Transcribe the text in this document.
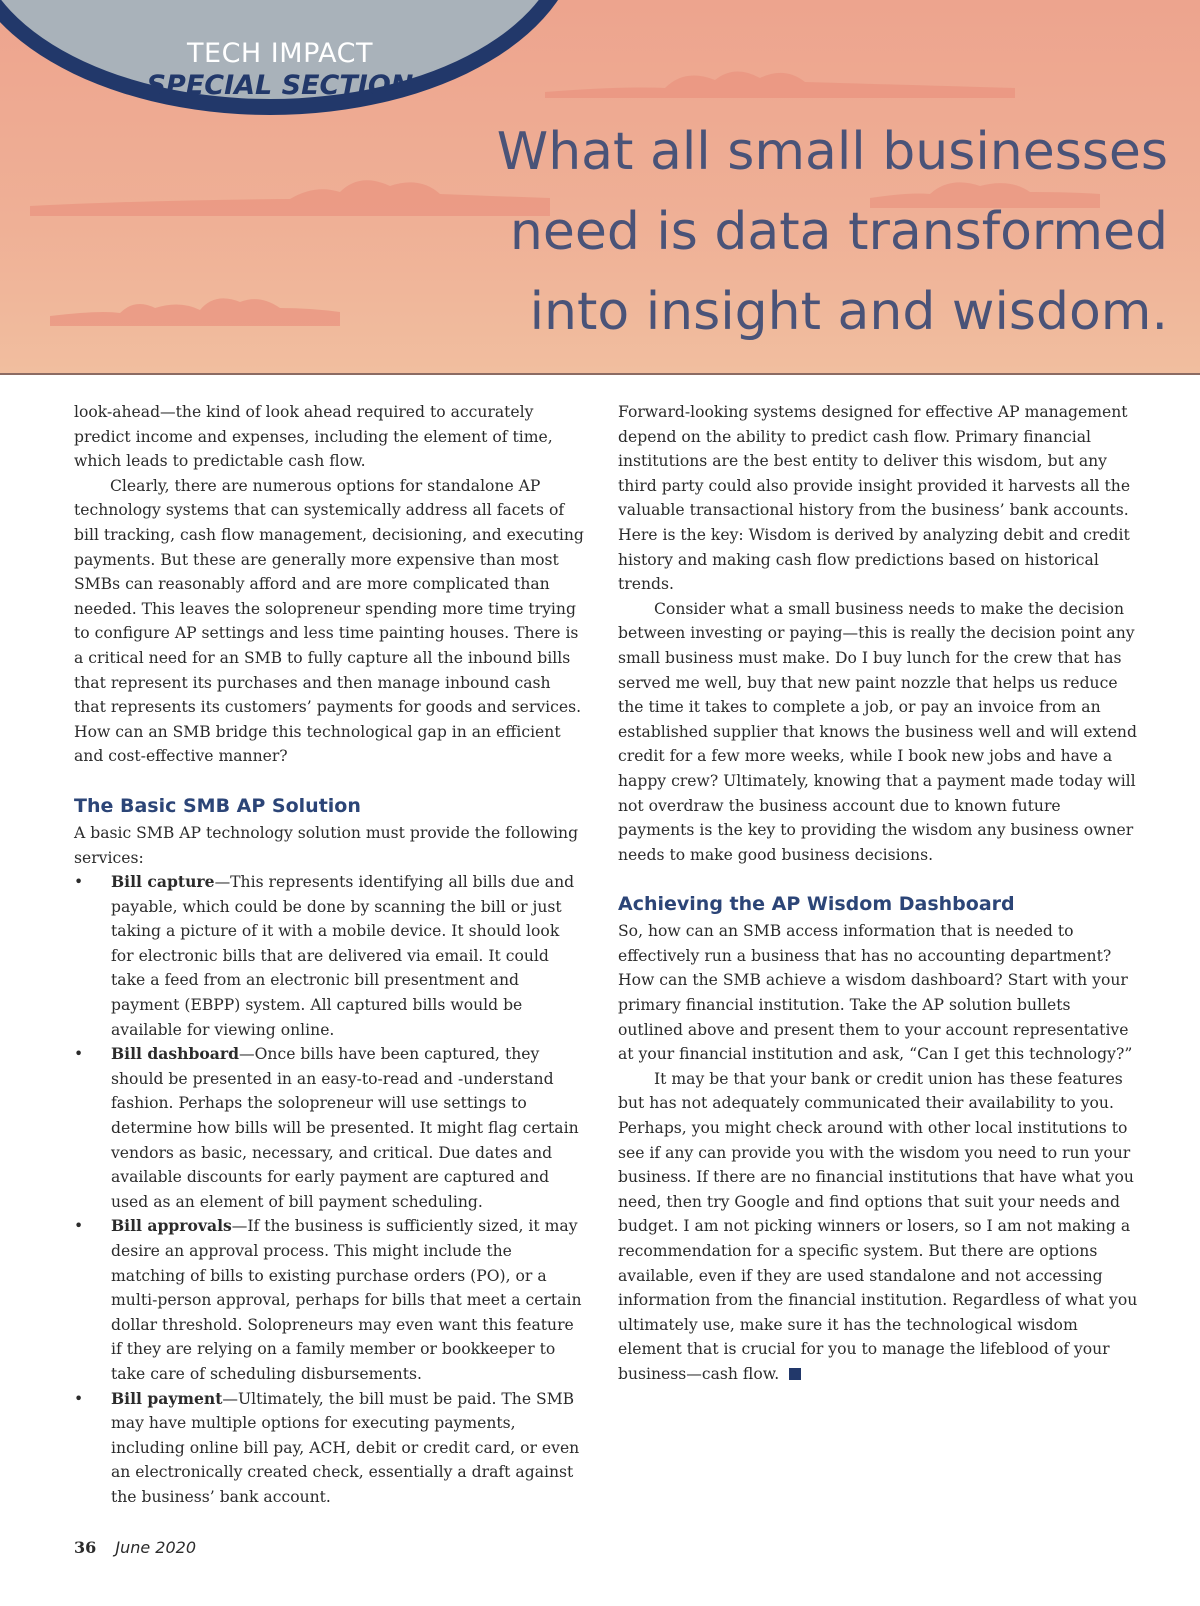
TECH IMPACT
SPECIAL SECTION
What all small businesses
need is data transformed
into insight and wisdom.

look-ahead—the kind of look ahead required to accurately predict income and expenses, including the element of time, which leads to predictable cash flow.

Clearly, there are numerous options for standalone AP technology systems that can systemically address all facets of bill tracking, cash flow management, decisioning, and executing payments. But these are generally more expensive than most SMBs can reasonably afford and are more complicated than needed. This leaves the solopreneur spending more time trying to configure AP settings and less time painting houses. There is a critical need for an SMB to fully capture all the inbound bills that represent its purchases and then manage inbound cash that represents its customers’ payments for goods and services. How can an SMB bridge this technological gap in an efficient and cost-effective manner?

The Basic SMB AP Solution

A basic SMB AP technology solution must provide the following services:

• Bill capture—This represents identifying all bills due and payable, which could be done by scanning the bill or just taking a picture of it with a mobile device. It should look for electronic bills that are delivered via email. It could take a feed from an electronic bill presentment and payment (EBPP) system. All captured bills would be available for viewing online.
• Bill dashboard—Once bills have been captured, they should be presented in an easy-to-read and -understand fashion. Perhaps the solopreneur will use settings to determine how bills will be presented. It might flag certain vendors as basic, necessary, and critical. Due dates and available discounts for early payment are captured and used as an element of bill payment scheduling.
• Bill approvals—If the business is sufficiently sized, it may desire an approval process. This might include the matching of bills to existing purchase orders (PO), or a multi-person approval, perhaps for bills that meet a certain dollar threshold. Solopreneurs may even want this feature if they are relying on a family member or bookkeeper to take care of scheduling disbursements.
• Bill payment—Ultimately, the bill must be paid. The SMB may have multiple options for executing payments, including online bill pay, ACH, debit or credit card, or even an electronically created check, essentially a draft against the business’ bank account.

Forward-looking systems designed for effective AP management depend on the ability to predict cash flow. Primary financial institutions are the best entity to deliver this wisdom, but any third party could also provide insight provided it harvests all the valuable transactional history from the business’ bank accounts. Here is the key: Wisdom is derived by analyzing debit and credit history and making cash flow predictions based on historical trends.

Consider what a small business needs to make the decision between investing or paying—this is really the decision point any small business must make. Do I buy lunch for the crew that has served me well, buy that new paint nozzle that helps us reduce the time it takes to complete a job, or pay an invoice from an established supplier that knows the business well and will extend credit for a few more weeks, while I book new jobs and have a happy crew? Ultimately, knowing that a payment made today will not overdraw the business account due to known future payments is the key to providing the wisdom any business owner needs to make good business decisions.

Achieving the AP Wisdom Dashboard

So, how can an SMB access information that is needed to effectively run a business that has no accounting department? How can the SMB achieve a wisdom dashboard? Start with your primary financial institution. Take the AP solution bullets outlined above and present them to your account representative at your financial institution and ask, “Can I get this technology?”

It may be that your bank or credit union has these features but has not adequately communicated their availability to you. Perhaps, you might check around with other local institutions to see if any can provide you with the wisdom you need to run your business. If there are no financial institutions that have what you need, then try Google and find options that suit your needs and budget. I am not picking winners or losers, so I am not making a recommendation for a specific system. But there are options available, even if they are used standalone and not accessing information from the financial institution. Regardless of what you ultimately use, make sure it has the technological wisdom element that is crucial for you to manage the lifeblood of your business—cash flow.

36 June 2020
